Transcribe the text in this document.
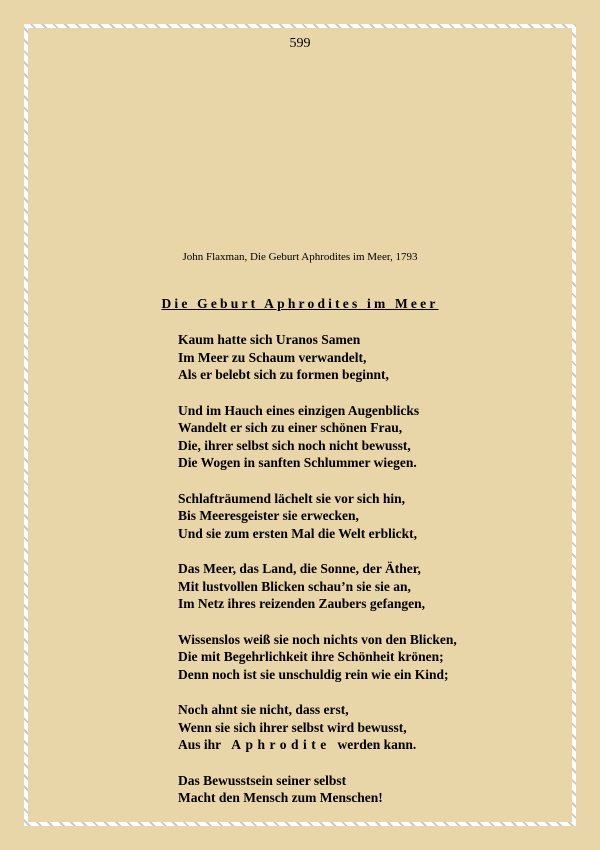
599
John Flaxman, Die Geburt Aphrodites im Meer, 1793
Die Geburt Aphrodites im Meer
Kaum hatte sich Uranos Samen
Im Meer zu Schaum verwandelt,
Als er belebt sich zu formen beginnt,
Und im Hauch eines einzigen Augenblicks
Wandelt er sich zu einer schönen Frau,
Die, ihrer selbst sich noch nicht bewusst,
Die Wogen in sanften Schlummer wiegen.
Schlafträumend lächelt sie vor sich hin,
Bis Meeresgeister sie erwecken,
Und sie zum ersten Mal die Welt erblickt,
Das Meer, das Land, die Sonne, der Äther,
Mit lustvollen Blicken schau’n sie sie an,
Im Netz ihres reizenden Zaubers gefangen,
Wissenslos weiß sie noch nichts von den Blicken,
Die mit Begehrlichkeit ihre Schönheit krönen;
Denn noch ist sie unschuldig rein wie ein Kind;
Noch ahnt sie nicht, dass erst,
Wenn sie sich ihrer selbst wird bewusst,
Aus ihr Aphrodite werden kann.
Das Bewusstsein seiner selbst
Macht den Mensch zum Menschen!
